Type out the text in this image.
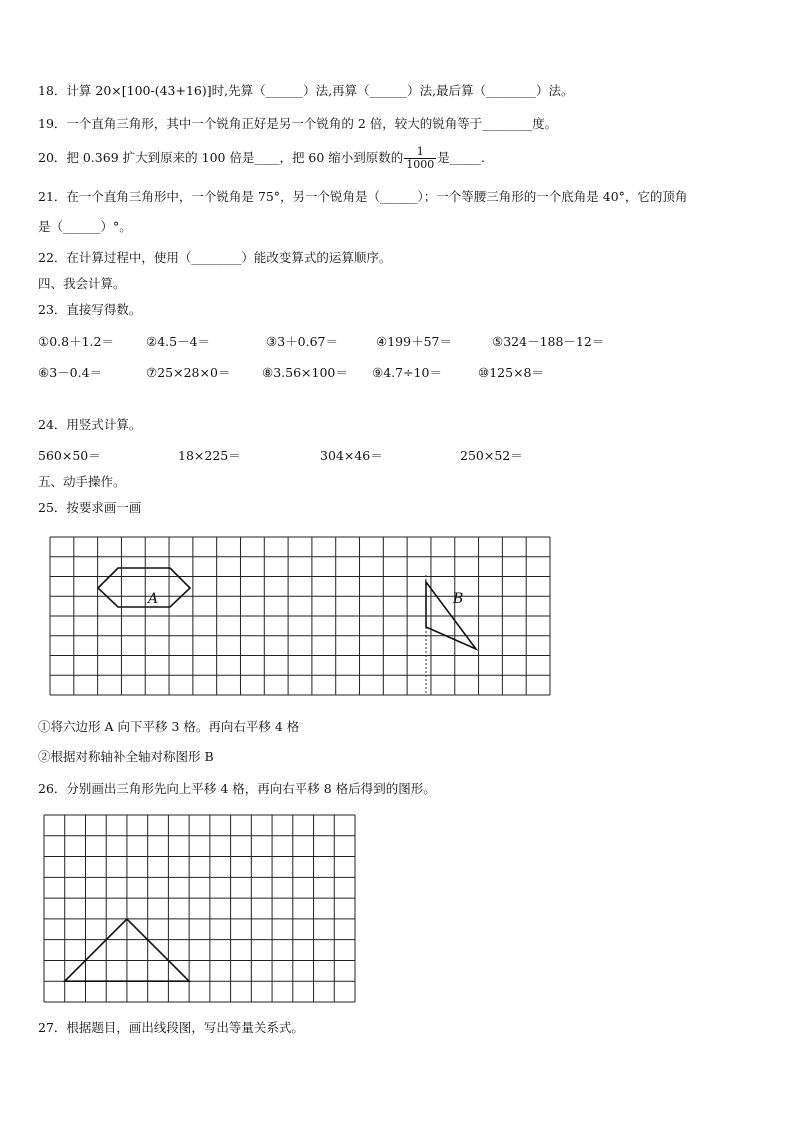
18．计算 20×[100-(43+16)]时,先算（______）法,再算（______）法,最后算（________）法。
19．一个直角三角形，其中一个锐角正好是另一个锐角的 2 倍，较大的锐角等于________度。
20．把 0.369 扩大到原来的 100 倍是____，把 60 缩小到原数的 $\frac{1}{1000}$ 是_____.
21．在一个直角三角形中，一个锐角是 75°，另一个锐角是（______）；一个等腰三角形的一个底角是 40°，它的顶角
是（______）°。
22．在计算过程中，使用（________）能改变算式的运算顺序。
四、我会计算。
23．直接写得数。
①0.8＋1.2＝	②4.5－4＝	③3＋0.67＝	④199＋57＝	⑤324－188－12＝
⑥3－0.4＝	⑦25×28×0＝	⑧3.56×100＝ ⑨4.7÷10＝	⑩125×8＝
24．用竖式计算。
560×50＝	18×225＝	304×46＝	250×52＝
五、动手操作。
25．按要求画一画
A	B
①将六边形 A 向下平移 3 格。再向右平移 4 格
②根据对称轴补全轴对称图形 B
26．分别画出三角形先向上平移 4 格，再向右平移 8 格后得到的图形。
27．根据题目，画出线段图，写出等量关系式。
